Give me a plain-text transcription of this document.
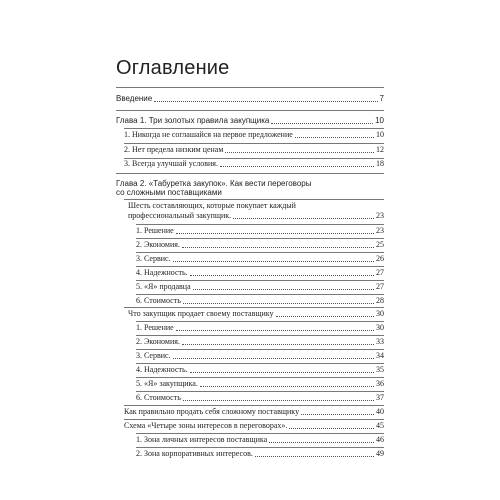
Оглавление
Введение	7
Глава 1. Три золотых правила закупщика	10
1. Никогда не соглашайся на первое предложение	10
2. Нет предела низким ценам	12
3. Всегда улучшай условия.	18
Глава 2. «Табуретка закупок». Как вести переговоры
со сложными поставщиками
Шесть составляющих, которые покупает каждый
профессиональный закупщик.	23
1. Решение	23
2. Экономия.	25
3. Сервис.	26
4. Надежность.	27
5. «Я» продавца	27
6. Стоимость	28
Что закупщик продает своему поставщику	30
1. Решение	30
2. Экономия.	33
3. Сервис.	34
4. Надежность.	35
5. «Я» закупщика.	36
6. Стоимость	37
Как правильно продать себя сложному поставщику	40
Схема «Четыре зоны интересов в переговорах».	45
1. Зона личных интересов поставщика	46
2. Зона корпоративных интересов.	49
